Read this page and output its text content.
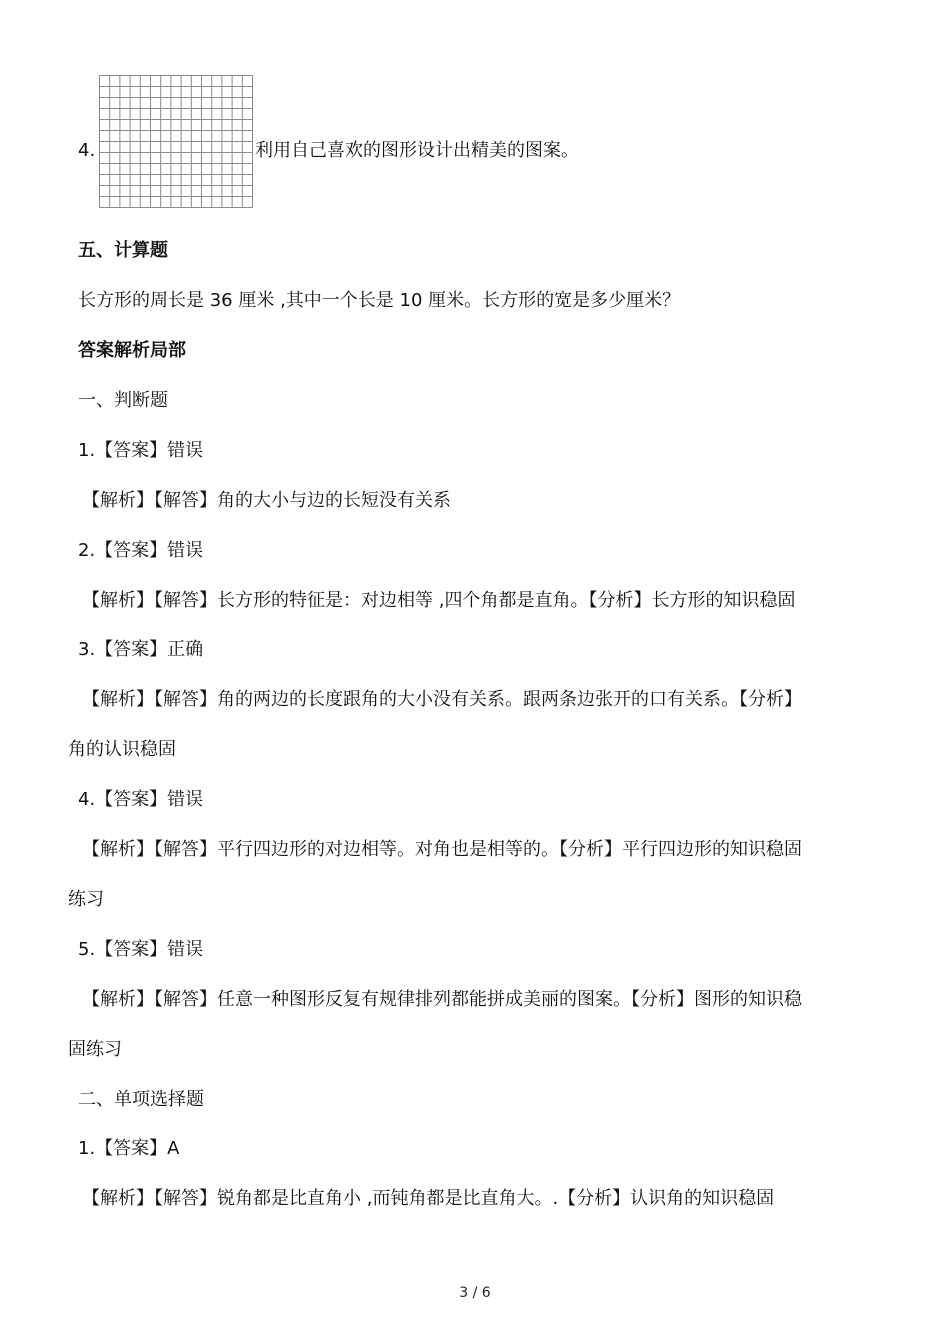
4.	利用自己喜欢的图形设计出精美的图案。
五、计算题
长方形的周长是 36 厘米 ,其中一个长是 10 厘米。长方形的宽是多少厘米？
答案解析局部
一、判断题
1.【答案】错误
【解析】【解答】角的大小与边的长短没有关系
2.【答案】错误
【解析】【解答】长方形的特征是：对边相等 ,四个角都是直角。【分析】长方形的知识稳固
3.【答案】正确
【解析】【解答】角的两边的长度跟角的大小没有关系。跟两条边张开的口有关系。【分析】
角的认识稳固
4.【答案】错误
【解析】【解答】平行四边形的对边相等。对角也是相等的。【分析】平行四边形的知识稳固
练习
5.【答案】错误
【解析】【解答】任意一种图形反复有规律排列都能拼成美丽的图案。【分析】图形的知识稳
固练习
二、单项选择题
1.【答案】A
【解析】【解答】锐角都是比直角小 ,而钝角都是比直角大。.【分析】认识角的知识稳固
3 / 6
